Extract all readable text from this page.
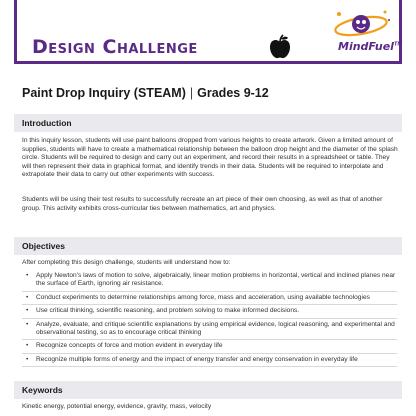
Design Challenge	MindFuel™
Paint Drop Inquiry (STEAM) | Grades 9-12
Introduction
In this inquiry lesson, students will use paint balloons dropped from various heights to create artwork. Given a limited amount of supplies, students will have to create a mathematical relationship between the balloon drop height and the diameter of the splash circle. Students will be required to design and carry out an experiment, and record their results in a spreadsheet or table. They will then represent their data in graphical format, and identify trends in their data. Students will be required to interpolate and extrapolate their data to carry out other experiments with success.
Students will be using their test results to successfully recreate an art piece of their own choosing, as well as that of another group. This activity exhibits cross-curricular ties between mathematics, art and physics.
Objectives
After completing this design challenge, students will understand how to:
• Apply Newton's laws of motion to solve, algebraically, linear motion problems in horizontal, vertical and inclined planes near the surface of Earth, ignoring air resistance.
• Conduct experiments to determine relationships among force, mass and acceleration, using available technologies
• Use critical thinking, scientific reasoning, and problem solving to make informed decisions.
• Analyze, evaluate, and critique scientific explanations by using empirical evidence, logical reasoning, and experimental and observational testing, so as to encourage critical thinking
• Recognize concepts of force and motion evident in everyday life
• Recognize multiple forms of energy and the impact of energy transfer and energy conservation in everyday life
Keywords
Kinetic energy, potential energy, evidence, gravity, mass, velocity
